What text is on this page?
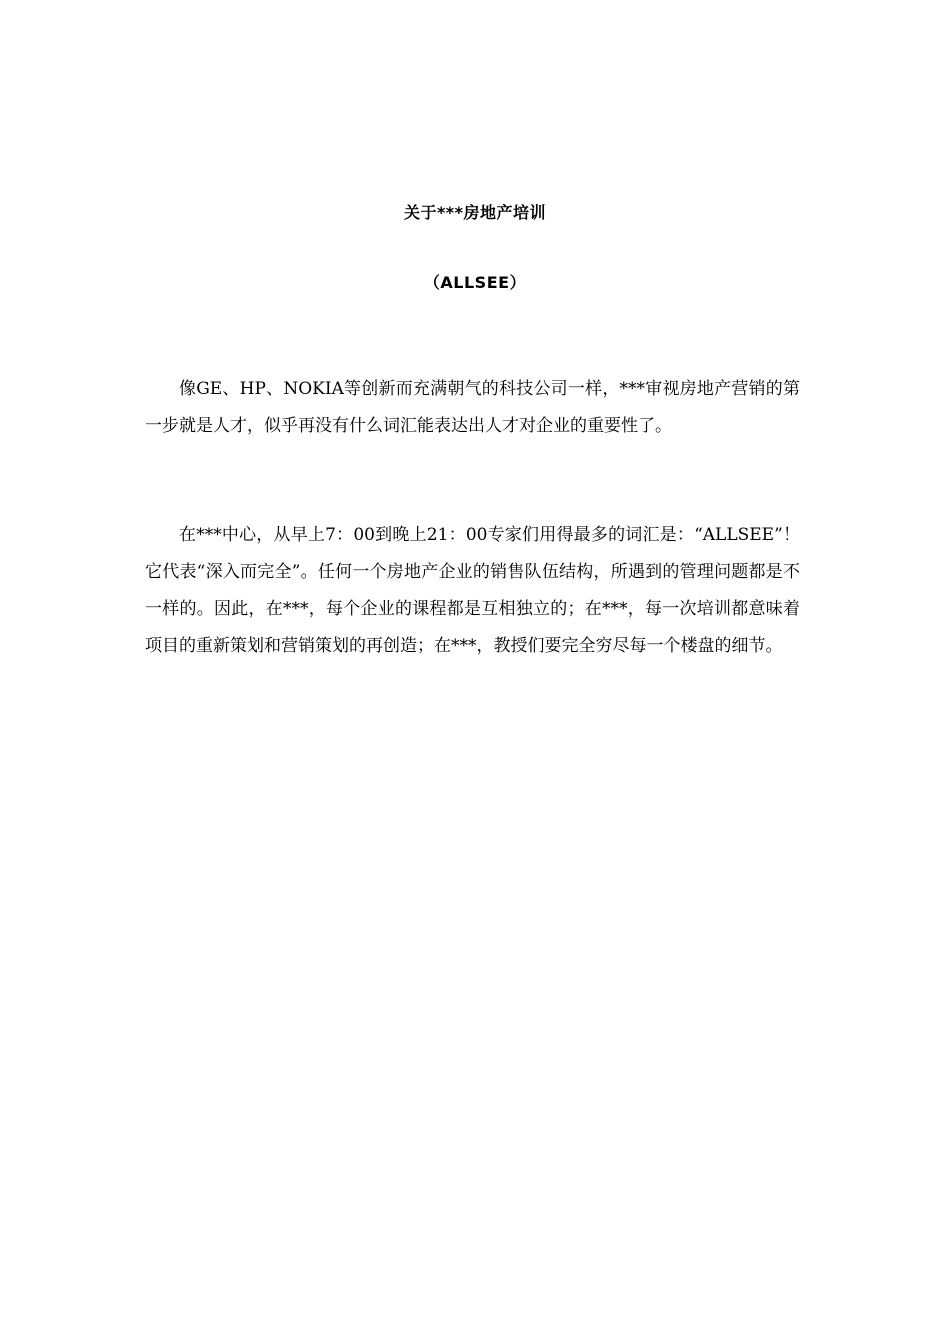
关于***房地产培训
（ALLSEE）

像GE、HP、NOKIA等创新而充满朝气的科技公司一样，***审视房地产营销的第一步就是人才，似乎再没有什么词汇能表达出人才对企业的重要性了。

在***中心，从早上7：00到晚上21：00专家们用得最多的词汇是：“ALLSEE”！它代表“深入而完全”。任何一个房地产企业的销售队伍结构，所遇到的管理问题都是不一样的。因此，在***，每个企业的课程都是互相独立的；在***，每一次培训都意味着项目的重新策划和营销策划的再创造；在***，教授们要完全穷尽每一个楼盘的细节。
